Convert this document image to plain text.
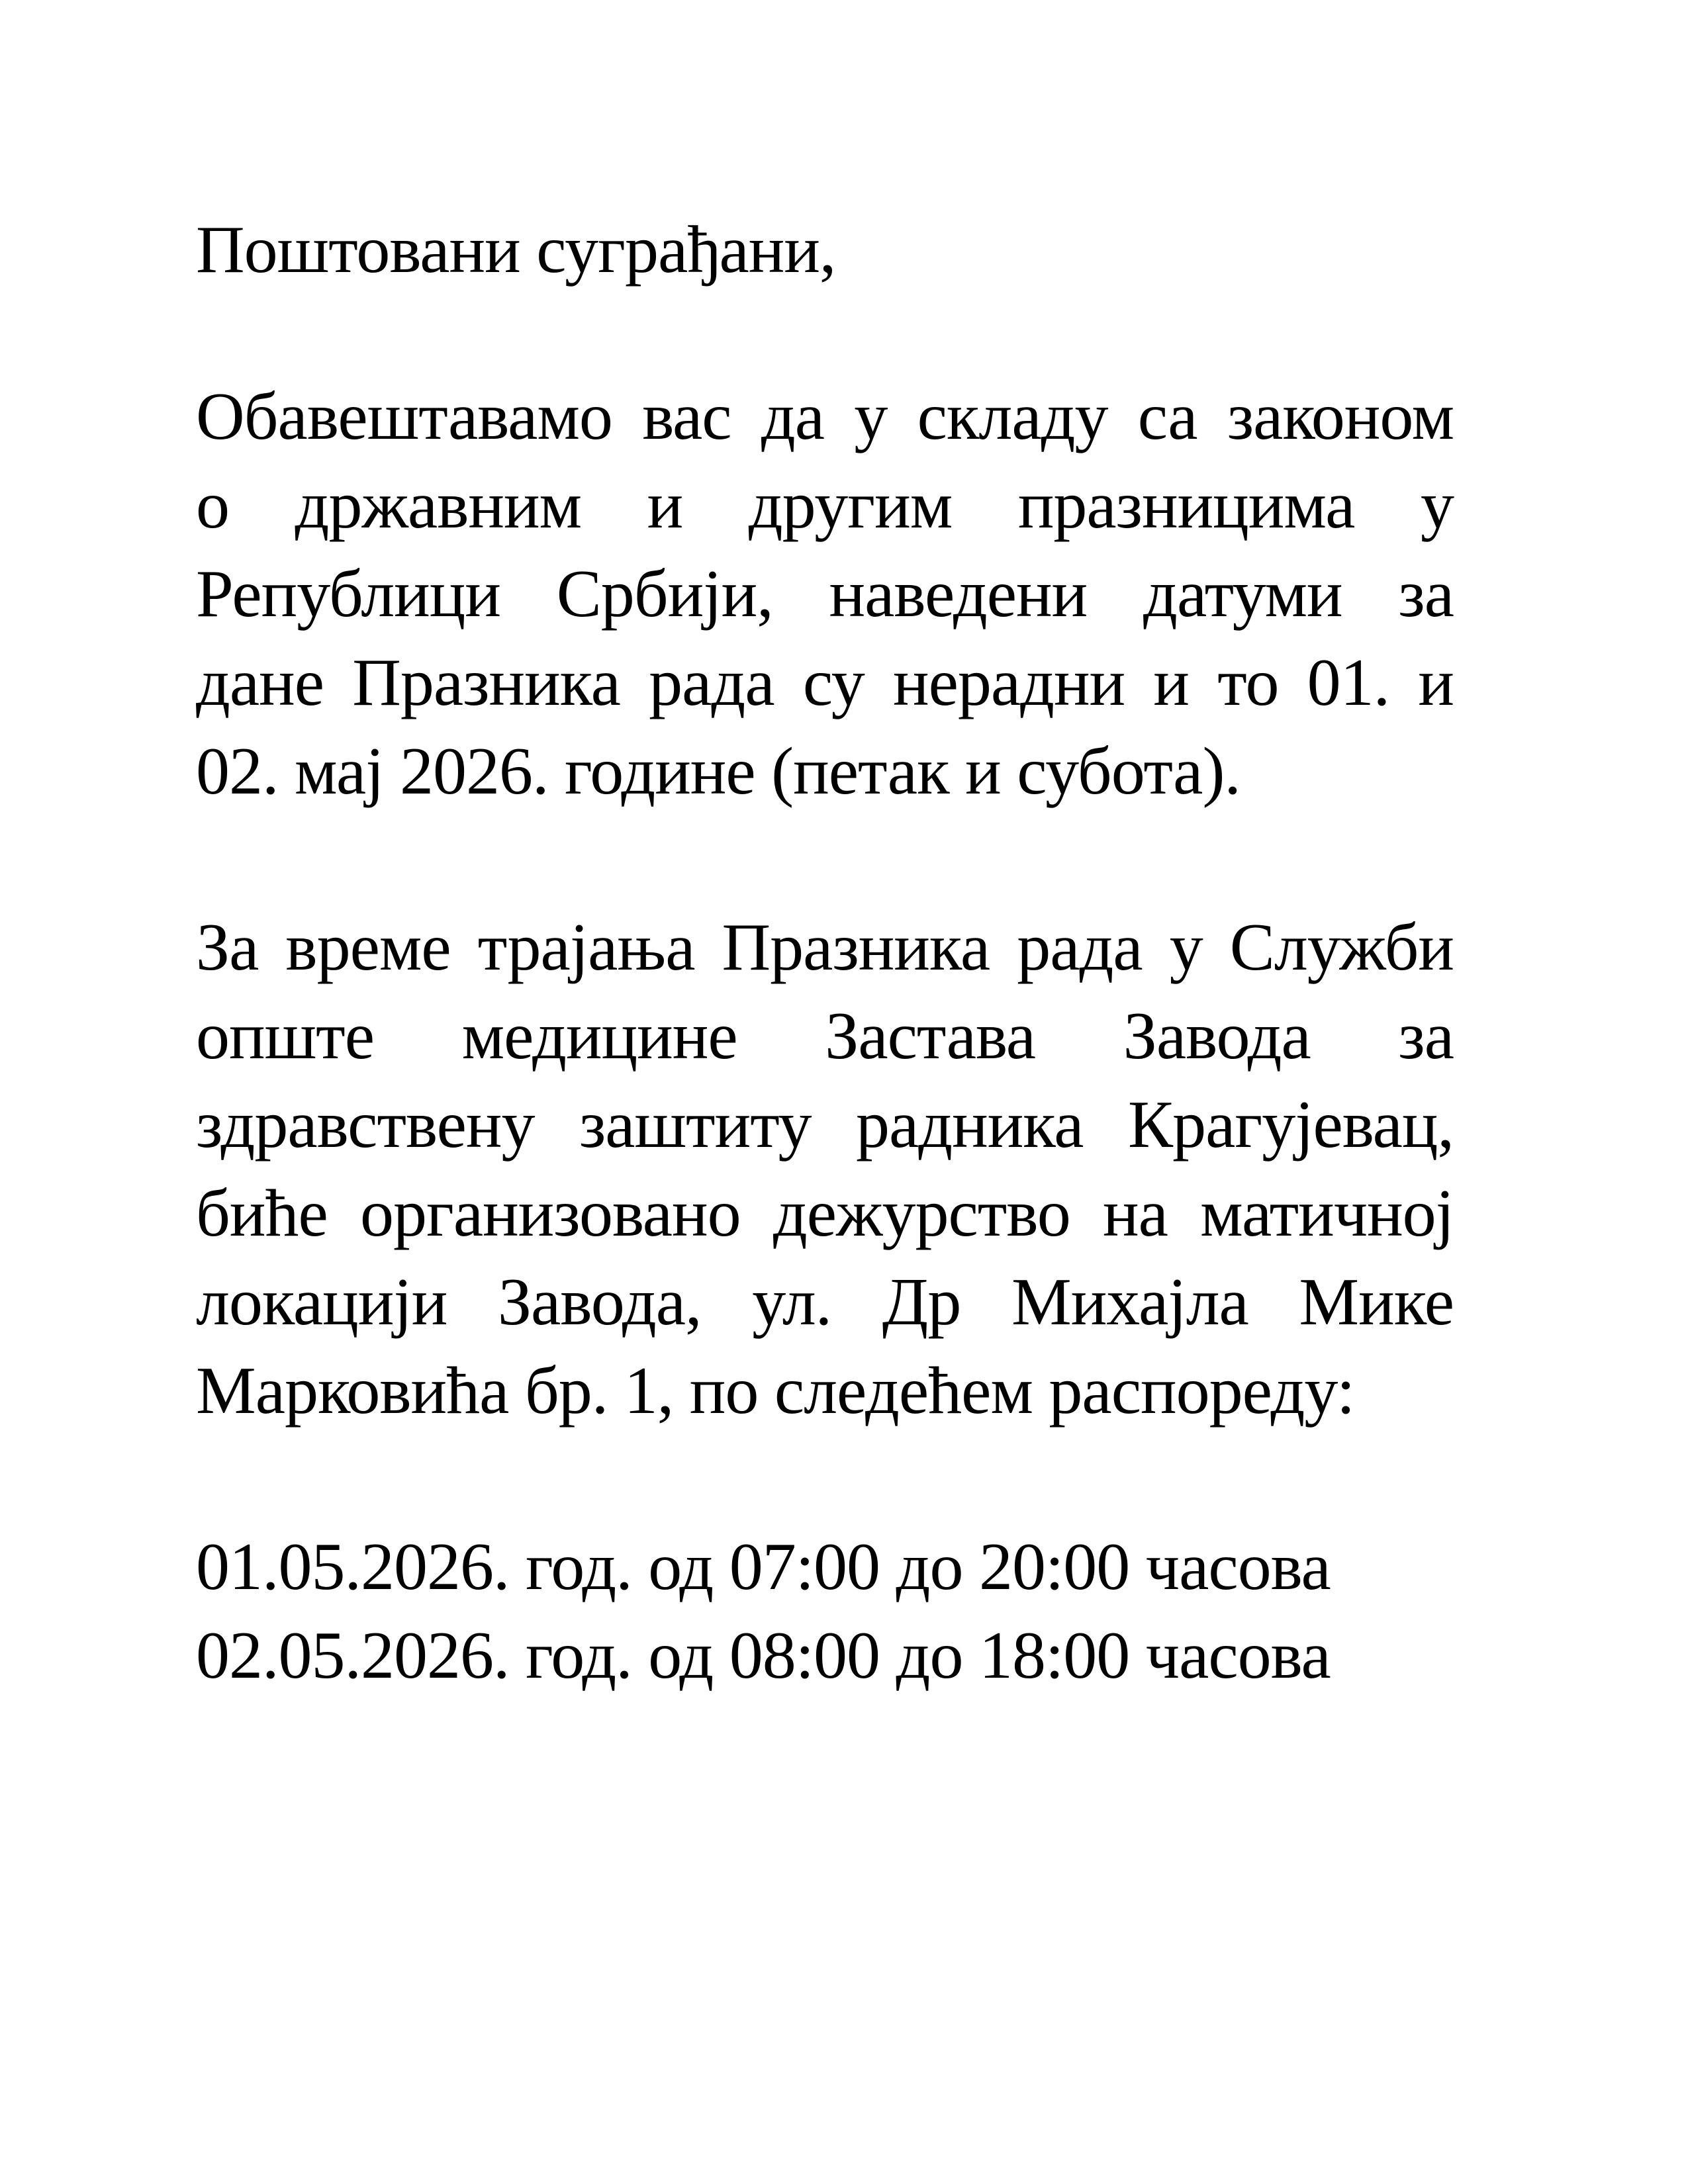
Поштовани суграђани,
Обавештавамо вас да у складу са законом
о државним и другим празницима у
Републици Србији, наведени датуми за
дане Празника рада су нерадни и то 01. и
02. мај 2026. године (петак и субота).
За време трајања Празника рада у Служби
опште медицине Застава Завода за
здравствену заштиту радника Крагујевац,
биће организовано дежурство на матичној
локацији Завода, ул. Др Михајла Мике
Марковића бр. 1, по следећем распореду:
01.05.2026. год. од 07:00 до 20:00 часова
02.05.2026. год. од 08:00 до 18:00 часова
